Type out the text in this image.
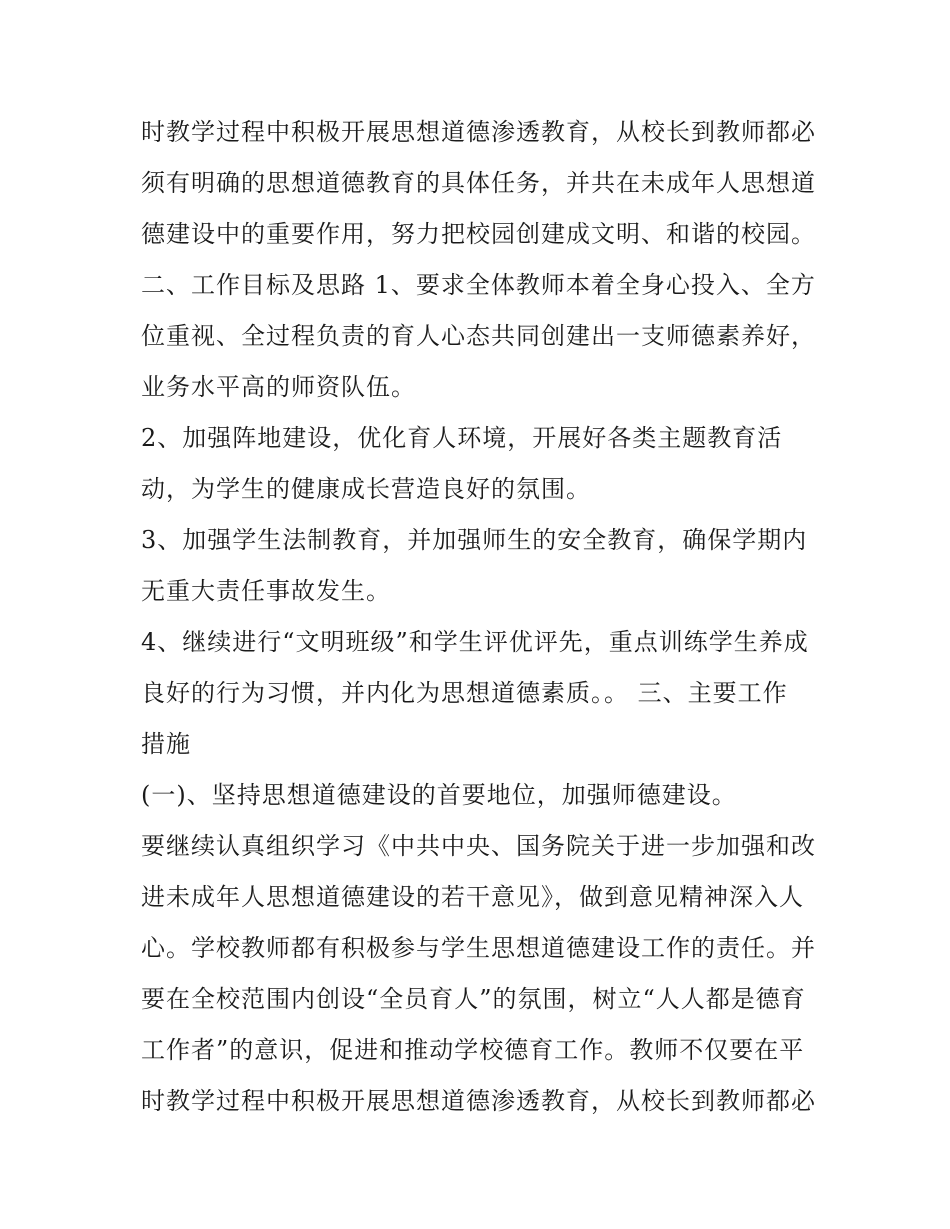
时教学过程中积极开展思想道德渗透教育，从校长到教师都必
须有明确的思想道德教育的具体任务，并共在未成年人思想道
德建设中的重要作用，努力把校园创建成文明、和谐的校园。
二、工作目标及思路 1、要求全体教师本着全身心投入、全方
位重视、全过程负责的育人心态共同创建出一支师德素养好，
业务水平高的师资队伍。
2、加强阵地建设，优化育人环境，开展好各类主题教育活
动，为学生的健康成长营造良好的氛围。
3、加强学生法制教育，并加强师生的安全教育，确保学期内
无重大责任事故发生。
4、继续进行“文明班级”和学生评优评先，重点训练学生养成
良好的行为习惯，并内化为思想道德素质。。 三、主要工作
措施
(一)、坚持思想道德建设的首要地位，加强师德建设。
要继续认真组织学习《中共中央、国务院关于进一步加强和改
进未成年人思想道德建设的若干意见》，做到意见精神深入人
心。学校教师都有积极参与学生思想道德建设工作的责任。并
要在全校范围内创设“全员育人”的氛围，树立“人人都是德育
工作者”的意识，促进和推动学校德育工作。教师不仅要在平
时教学过程中积极开展思想道德渗透教育，从校长到教师都必
